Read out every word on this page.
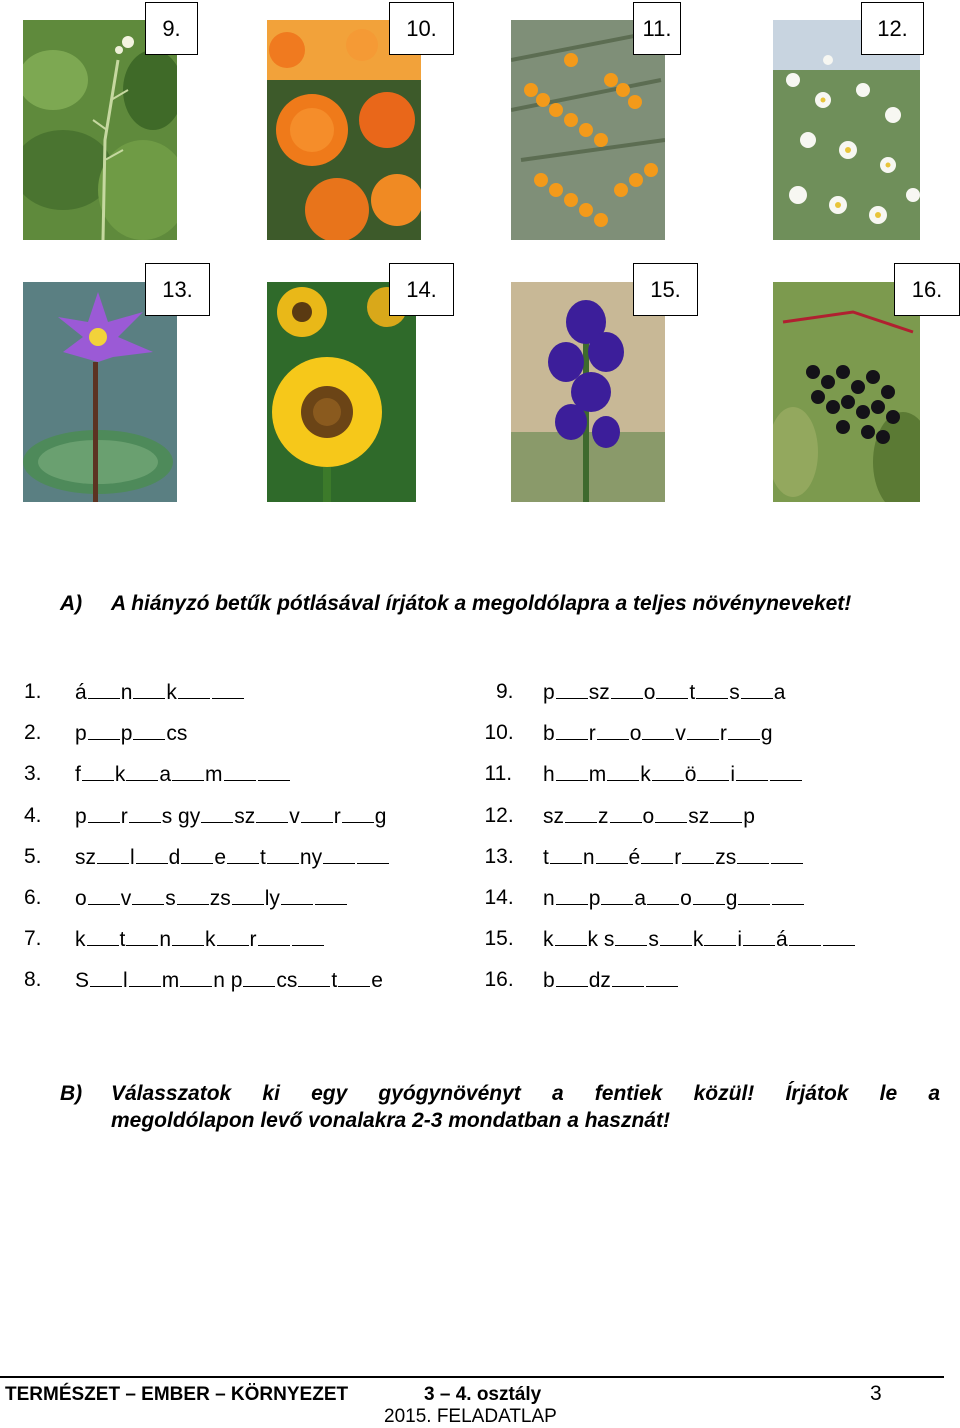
9.	10.	11.	12.
13.	14.	15.	16.
A) A hiányzó betűk pótlásával írjátok a megoldólapra a teljes növényneveket!
1. á n k
2. p p cs
3. f k a m
4. p r s gy sz v r g
5. sz l d e t ny
6. o v s zs ly
7. k t n k r
8. S l m n p cs t e
9. p sz o t s a
10. b r o v r g
11. h m k ö i
12. sz z o sz p
13. t n é r zs
14. n p a o g
15. k k s s k i á
16. b dz
B) Válasszatok ki egy gyógynövényt a fentiek közül! Írjátok le a
megoldólapon levő vonalakra 2-3 mondatban a hasznát!
TERMÉSZET – EMBER – KÖRNYEZET	3 – 4. osztály	3
2015. FELADATLAP
